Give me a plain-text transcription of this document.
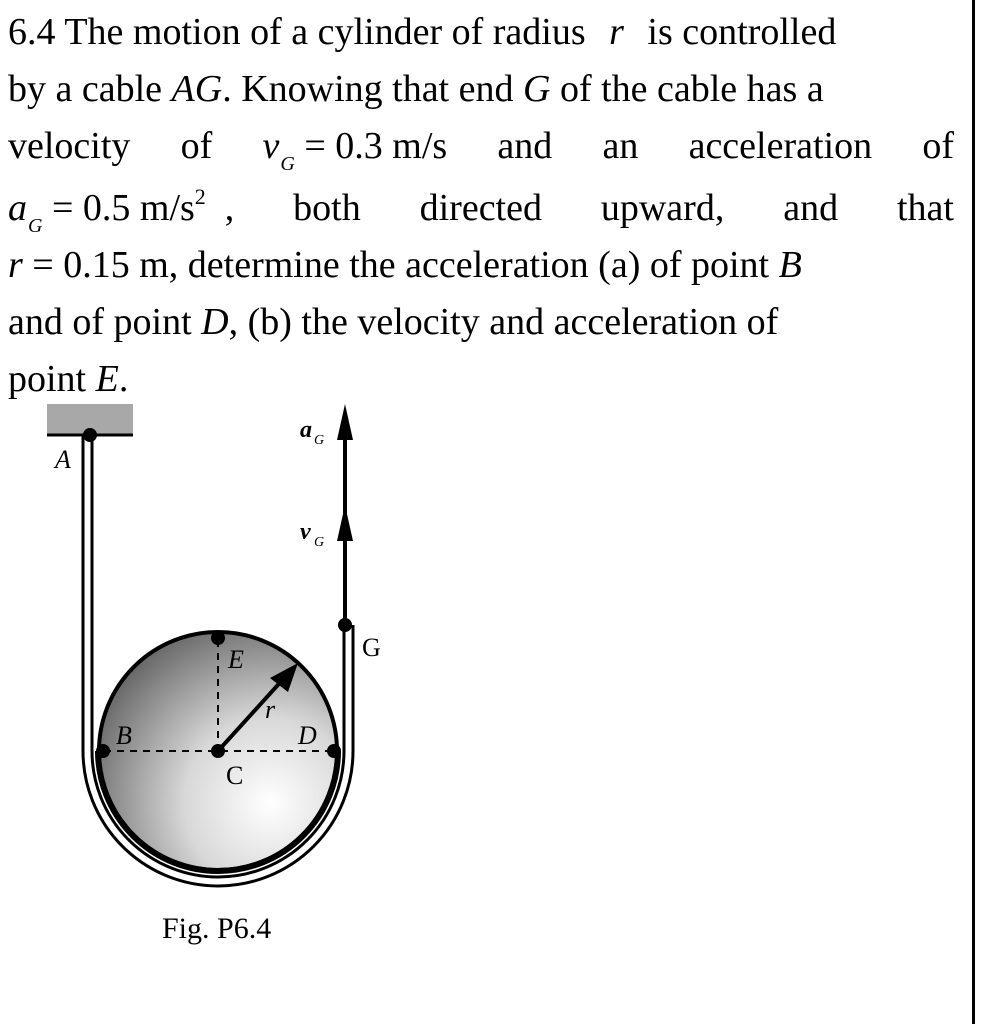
6.4 The motion of a cylinder of radius r is controlled
by a cable AG. Knowing that end G of the cable has a
velocity of $v_G = 0.3$ m/s and an acceleration of
$a_G = 0.5$ $m/s^2$ , both directed upward, and that
r = 0.15 m, determine the acceleration (a) of point B
and of point D, (b) the velocity and acceleration of
point E.
A
B
C
D
E	G
r
a G
v G
Fig. P6.4
